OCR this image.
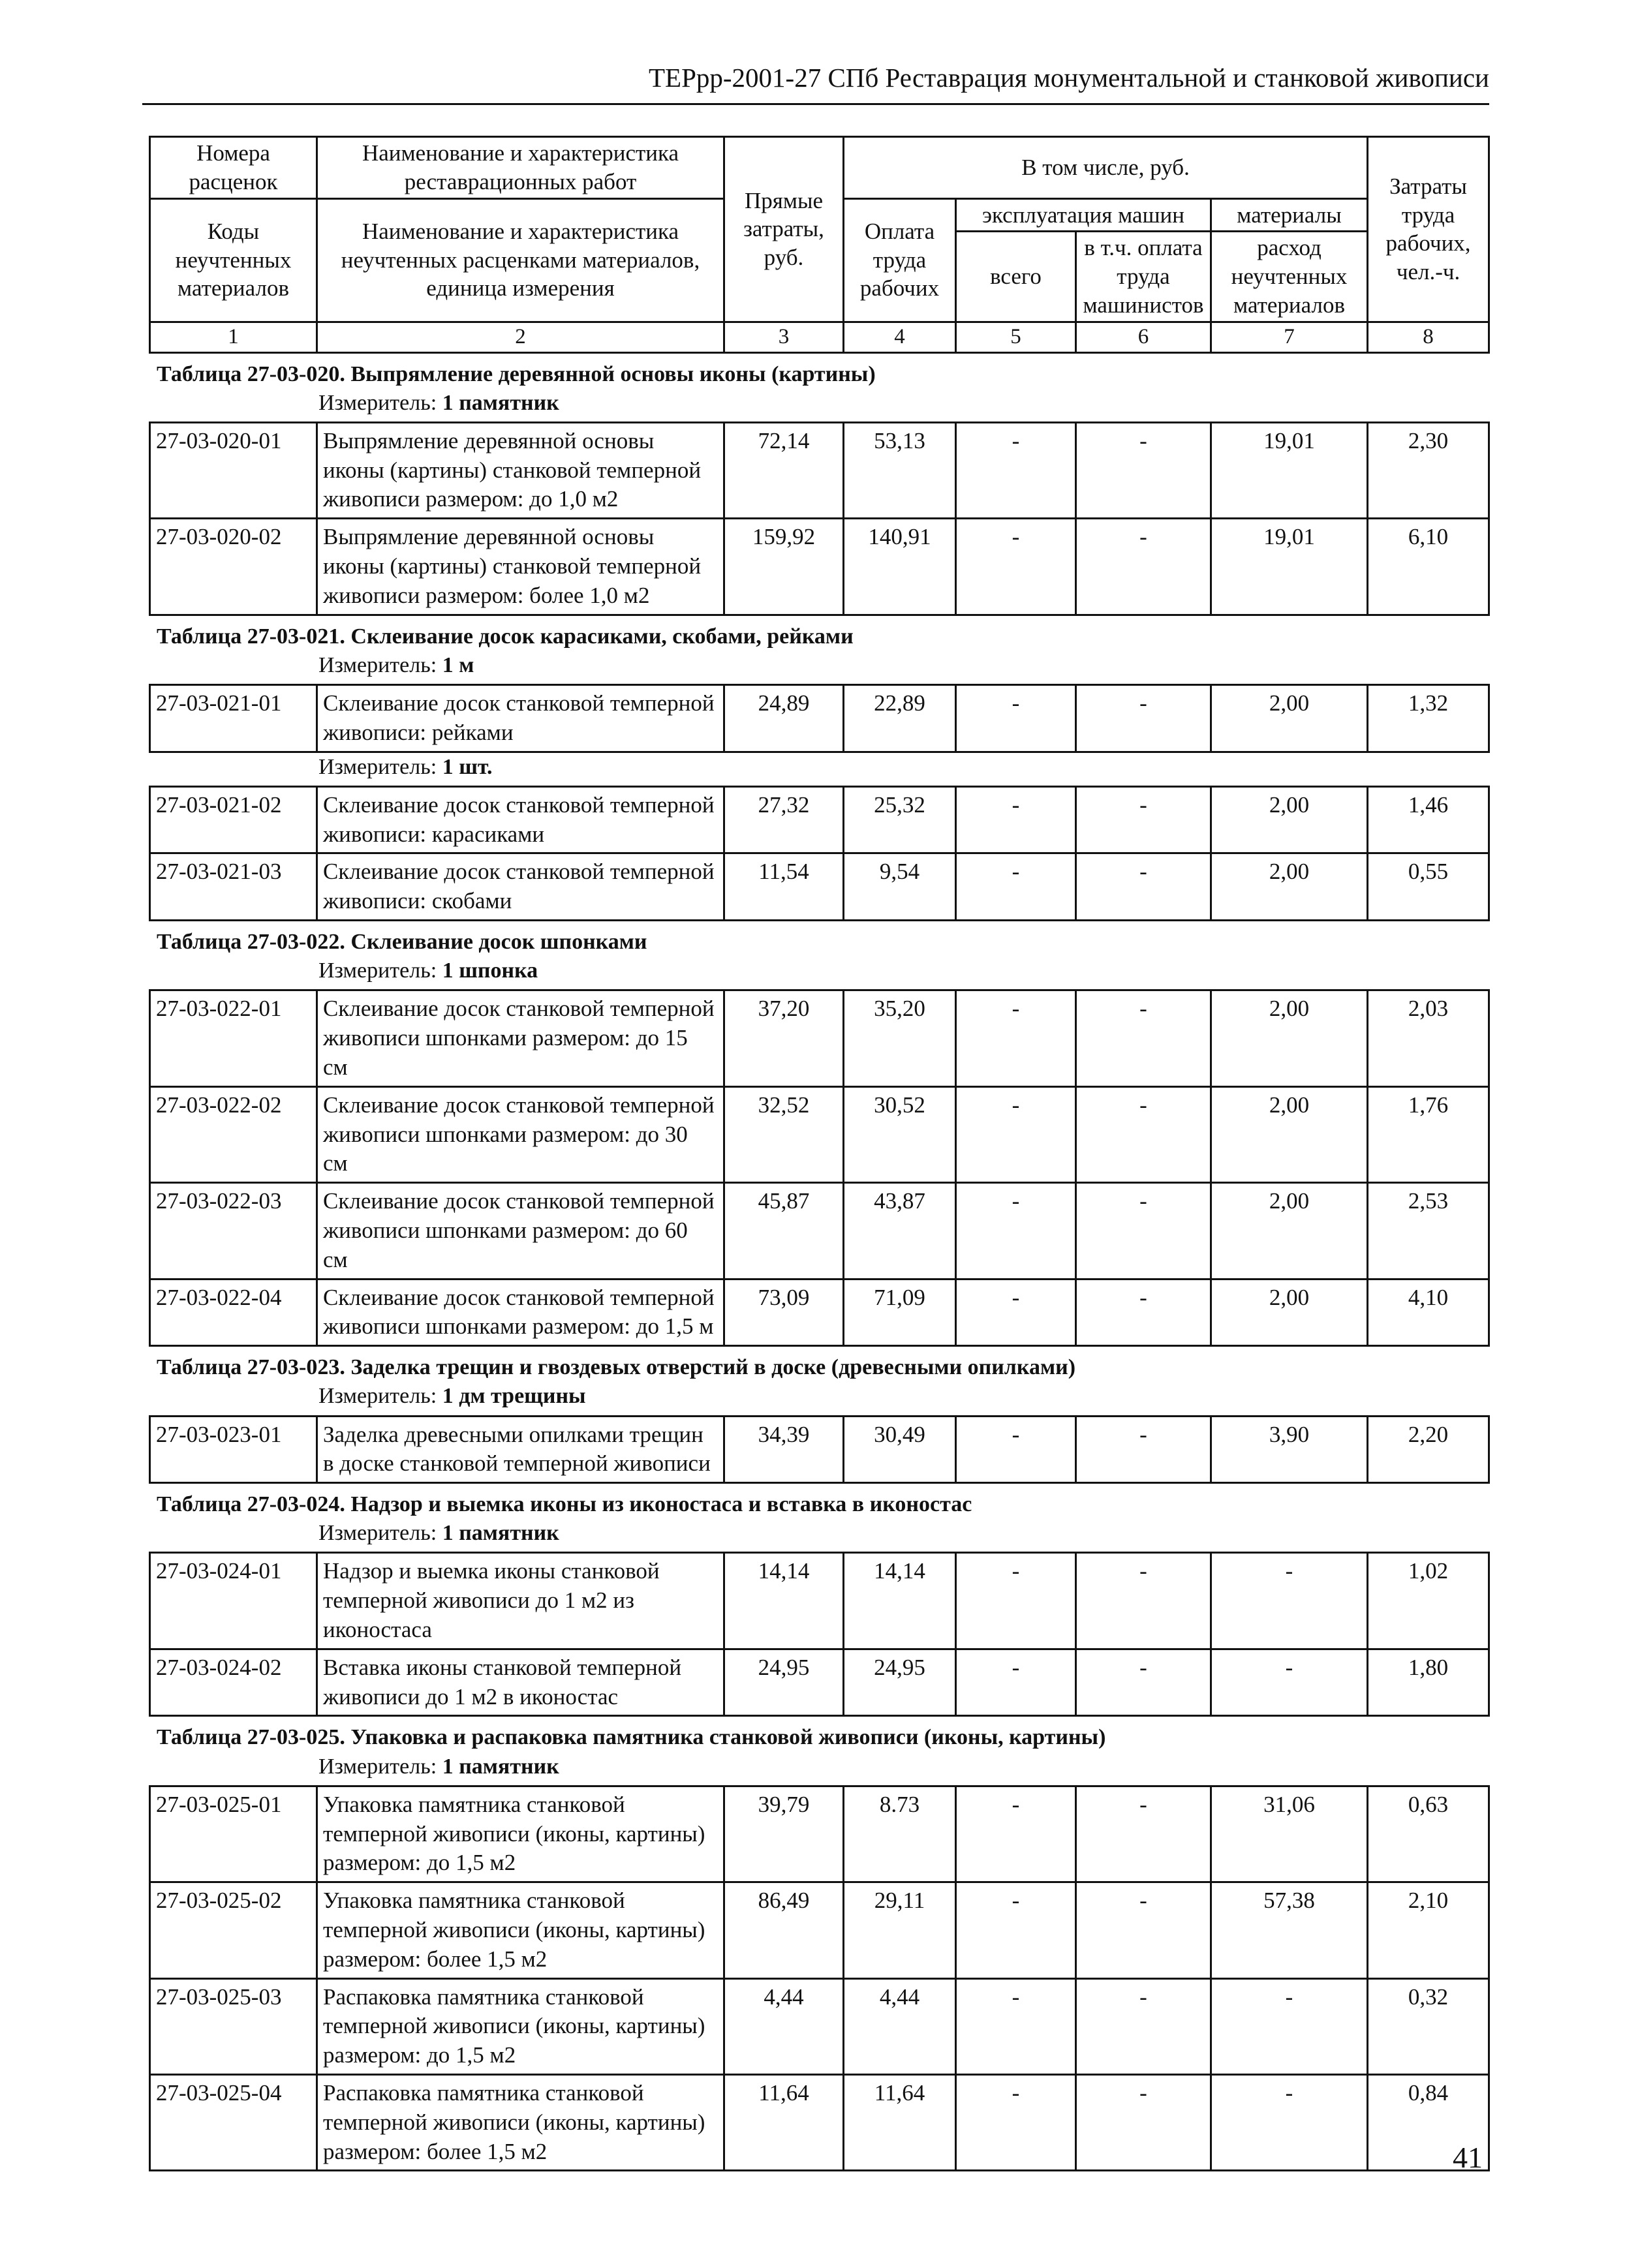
ТЕРрр-2001-27 СПб Реставрация монументальной и станковой живописи
Номера расценок	Наименование и характеристика реставрационных работ	Прямые затраты, руб.	В том числе, руб.				Затраты труда рабочих, чел.-ч.
Коды неучтенных материалов	Наименование и характеристика неучтенных расценками материалов, единица измерения		Оплата труда рабочих	эксплуатация машин		материалы	
				всего	в т.ч. оплата труда машинистов	расход неучтенных материалов	
1	2	3	4	5	6	7	8
Таблица 27-03-020. Выпрямление деревянной основы иконы (картины)
Измеритель: 1 памятник
27-03-020-01	Выпрямление деревянной основы иконы (картины) станковой темперной живописи размером: до 1,0 м2	72,14	53,13	-	-	19,01	2,30
27-03-020-02	Выпрямление деревянной основы иконы (картины) станковой темперной живописи размером: более 1,0 м2	159,92	140,91	-	-	19,01	6,10
Таблица 27-03-021. Склеивание досок карасиками, скобами, рейками
Измеритель: 1 м
27-03-021-01	Склеивание досок станковой темперной живописи: рейками	24,89	22,89	-	-	2,00	1,32
Измеритель: 1 шт.
27-03-021-02	Склеивание досок станковой темперной живописи: карасиками	27,32	25,32	-	-	2,00	1,46
27-03-021-03	Склеивание досок станковой темперной живописи: скобами	11,54	9,54	-	-	2,00	0,55
Таблица 27-03-022. Склеивание досок шпонками
Измеритель: 1 шпонка
27-03-022-01	Склеивание досок станковой темперной живописи шпонками размером: до 15 см	37,20	35,20	-	-	2,00	2,03
27-03-022-02	Склеивание досок станковой темперной живописи шпонками размером: до 30 см	32,52	30,52	-	-	2,00	1,76
27-03-022-03	Склеивание досок станковой темперной живописи шпонками размером: до 60 см	45,87	43,87	-	-	2,00	2,53
27-03-022-04	Склеивание досок станковой темперной живописи шпонками размером: до 1,5 м	73,09	71,09	-	-	2,00	4,10
Таблица 27-03-023. Заделка трещин и гвоздевых отверстий в доске (древесными опилками)
Измеритель: 1 дм трещины
27-03-023-01	Заделка древесными опилками трещин в доске станковой темперной живописи	34,39	30,49	-	-	3,90	2,20
Таблица 27-03-024. Надзор и выемка иконы из иконостаса и вставка в иконостас
Измеритель: 1 памятник
27-03-024-01	Надзор и выемка иконы станковой темперной живописи до 1 м2 из иконостаса	14,14	14,14	-	-	-	1,02
27-03-024-02	Вставка иконы станковой темперной живописи до 1 м2 в иконостас	24,95	24,95	-	-	-	1,80
Таблица 27-03-025. Упаковка и распаковка памятника станковой живописи (иконы, картины)
Измеритель: 1 памятник
27-03-025-01	Упаковка памятника станковой темперной живописи (иконы, картины) размером: до 1,5 м2	39,79	8.73	-	-	31,06	0,63
27-03-025-02	Упаковка памятника станковой темперной живописи (иконы, картины) размером: более 1,5 м2	86,49	29,11	-	-	57,38	2,10
27-03-025-03	Распаковка памятника станковой темперной живописи (иконы, картины) размером: до 1,5 м2	4,44	4,44	-	-	-	0,32
27-03-025-04	Распаковка памятника станковой темперной живописи (иконы, картины) размером: более 1,5 м2	11,64	11,64	-	-	-	0,84
41
